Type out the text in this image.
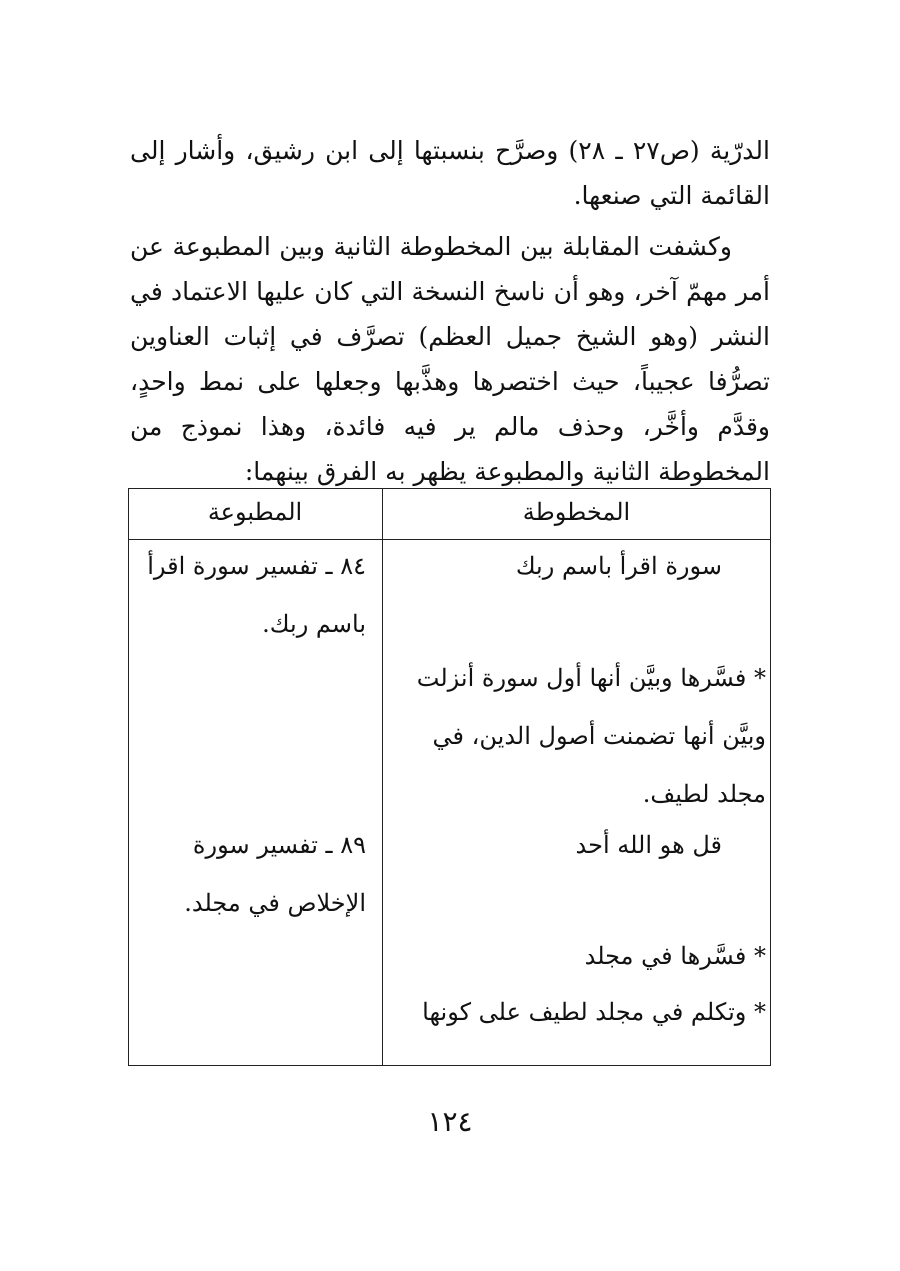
الدرّية (ص٢٧ ـ ٢٨) وصرَّح بنسبتها إلى ابن رشيق، وأشار إلى القائمة التي صنعها.

وكشفت المقابلة بين المخطوطة الثانية وبين المطبوعة عن أمر مهمّ آخر، وهو أن ناسخ النسخة التي كان عليها الاعتماد في النشر (وهو الشيخ جميل العظم) تصرَّف في إثبات العناوين تصرُّفا عجيباً، حيث اختصرها وهذَّبها وجعلها على نمط واحدٍ، وقدَّم وأخَّر، وحذف مالم ير فيه فائدة، وهذا نموذج من المخطوطة الثانية والمطبوعة يظهر به الفرق بينهما:

المخطوطة
المطبوعة

سورة اقرأ باسم ربك

* فسَّرها وبيَّن أنها أول سورة أنزلت وبيَّن أنها تضمنت أصول الدين، في مجلد لطيف.

قل هو الله أحد

* فسَّرها في مجلد

* وتكلم في مجلد لطيف على كونها

٨٤ ـ تفسير سورة اقرأ باسم ربك.

٨٩ ـ تفسير سورة الإخلاص في مجلد.

١٢٤
